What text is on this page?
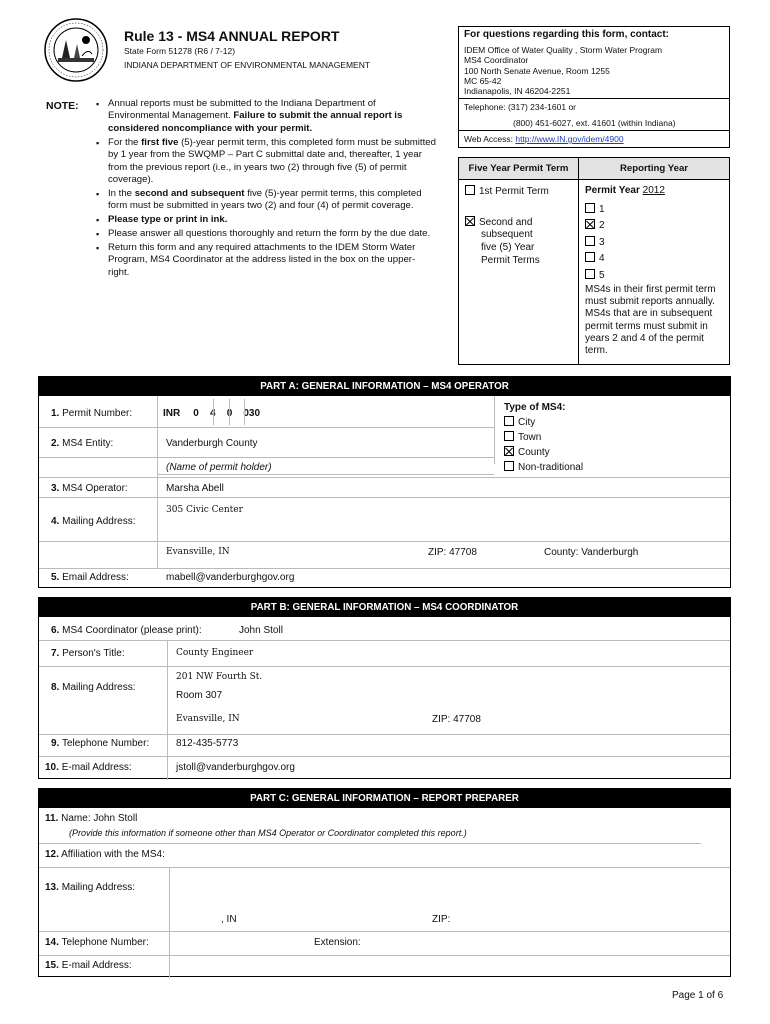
Rule 13 - MS4 ANNUAL REPORT
State Form 51278 (R6 / 7-12)
INDIANA DEPARTMENT OF ENVIRONMENTAL MANAGEMENT
For questions regarding this form, contact:
IDEM Office of Water Quality , Storm Water Program
MS4 Coordinator
100 North Senate Avenue, Room 1255
MC 65-42
Indianapolis, IN 46204-2251
Telephone: (317) 234-1601 or
(800) 451-6027, ext. 41601 (within Indiana)
Web Access: http://www.IN.gov/idem/4900
NOTE:
▪	Annual reports must be submitted to the Indiana Department of Environmental Management. Failure to submit the annual report is considered noncompliance with your permit.
▪ For the first five (5)-year permit term, this completed form must be submitted by 1 year from the SWQMP – Part C submittal date and, thereafter, 1 year from the previous report (i.e., in years two (2) through five (5) of permit coverage).
▪ In the second and subsequent five (5)-year permit terms, this completed form must be submitted in years two (2) and four (4) of permit coverage.
▪ Please type or print in ink.
▪ Please answer all questions thoroughly and return the form by the due date.
▪ Return this form and any required attachments to the IDEM Storm Water Program, MS4 Coordinator at the address listed in the box on the upper-right.
Five Year Permit Term	Reporting Year
1st Permit Term
Second and
subsequent
five (5) Year
Permit Terms
Permit Year 2012
1
2
3
4
5
MS4s in their first permit term must submit reports annually. MS4s that are in subsequent permit terms must submit in years 2 and 4 of the permit term.
PART A: GENERAL INFORMATION – MS4 OPERATOR
1. Permit Number:	INR 0 4 0 030
2. MS4 Entity:	Vanderburgh County
(Name of permit holder)
Type of MS4:
City
Town
County
Non-traditional
3. MS4 Operator:	Marsha Abell
4. Mailing Address:
305 Civic Center
Evansville, IN	ZIP: 47708	County: Vanderburgh
5. Email Address:	mabell@vanderburghgov.org
PART B: GENERAL INFORMATION – MS4 COORDINATOR
6. MS4 Coordinator (please print):	John Stoll
7. Person's Title:	County Engineer
8. Mailing Address:
201 NW Fourth St.
Room 307
Evansville, IN	ZIP: 47708
9. Telephone Number:	812-435-5773
10. E-mail Address:	jstoll@vanderburghgov.org
PART C: GENERAL INFORMATION – REPORT PREPARER
11. Name: John Stoll
(Provide this information if someone other than MS4 Operator or Coordinator completed this report.)
12. Affiliation with the MS4:
13. Mailing Address:
, IN	ZIP:
14. Telephone Number:	Extension:
15. E-mail Address:
Page 1 of 6
